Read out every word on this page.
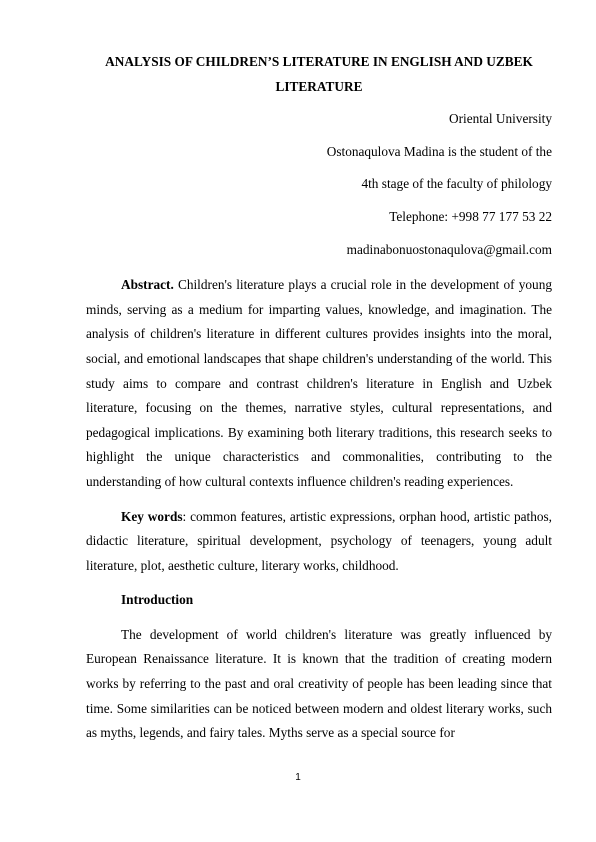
ANALYSIS OF CHILDREN’S LITERATURE IN ENGLISH AND UZBEK LITERATURE

Oriental University

Ostonaqulova Madina is the student of the

4th stage of the faculty of philology

Telephone: +998 77 177 53 22

madinabonuostonaqulova@gmail.com

Abstract. Children's literature plays a crucial role in the development of young minds, serving as a medium for imparting values, knowledge, and imagination. The analysis of children's literature in different cultures provides insights into the moral, social, and emotional landscapes that shape children's understanding of the world. This study aims to compare and contrast children's literature in English and Uzbek literature, focusing on the themes, narrative styles, cultural representations, and pedagogical implications. By examining both literary traditions, this research seeks to highlight the unique characteristics and commonalities, contributing to the understanding of how cultural contexts influence children's reading experiences.

Key words: common features, artistic expressions, orphan hood, artistic pathos, didactic literature, spiritual development, psychology of teenagers, young adult literature, plot, aesthetic culture, literary works, childhood.

Introduction

The development of world children's literature was greatly influenced by European Renaissance literature. It is known that the tradition of creating modern works by referring to the past and oral creativity of people has been leading since that time. Some similarities can be noticed between modern and oldest literary works, such as myths, legends, and fairy tales. Myths serve as a special source for

1
